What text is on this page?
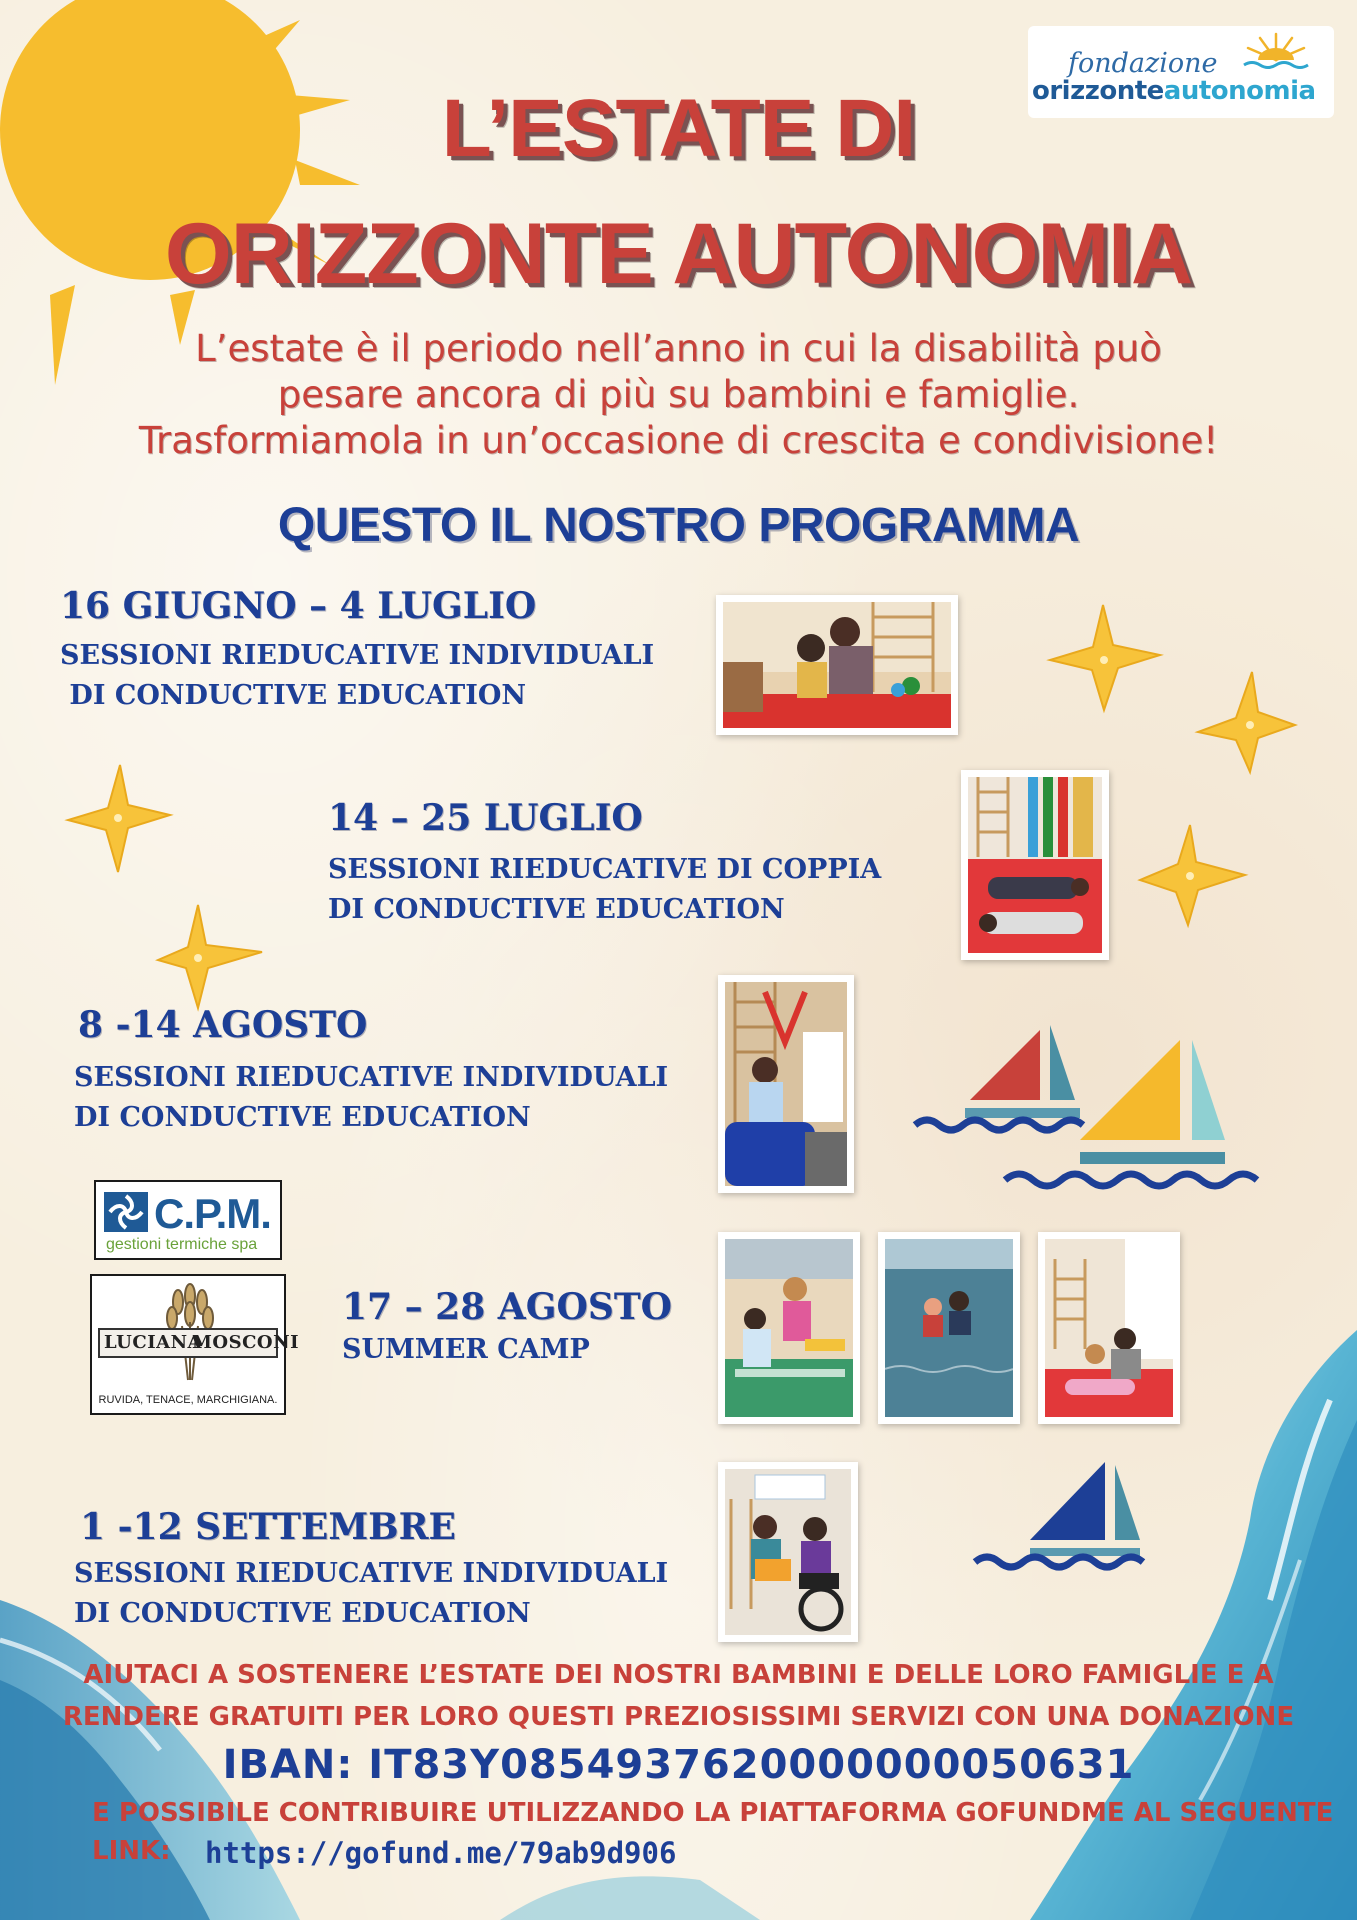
fondazione
orizzonteautonomia
L’ESTATE DI
ORIZZONTE AUTONOMIA
L’estate è il periodo nell’anno in cui la disabilità può
pesare ancora di più su bambini e famiglie.
Trasformiamola in un’occasione di crescita e condivisione!
QUESTO IL NOSTRO PROGRAMMA
16 GIUGNO – 4 LUGLIO
SESSIONI RIEDUCATIVE INDIVIDUALI
DI CONDUCTIVE EDUCATION
14 – 25 LUGLIO
SESSIONI RIEDUCATIVE DI COPPIA
DI CONDUCTIVE EDUCATION
8 -14 AGOSTO
SESSIONI RIEDUCATIVE INDIVIDUALI
DI CONDUCTIVE EDUCATION
C.P.M.
gestioni termiche spa
LUCIANA
MOSCONI
RUVIDA, TENACE, MARCHIGIANA.
17 – 28 AGOSTO
SUMMER CAMP
1 -12 SETTEMBRE
SESSIONI RIEDUCATIVE INDIVIDUALI
DI CONDUCTIVE EDUCATION
AIUTACI A SOSTENERE L’ESTATE DEI NOSTRI BAMBINI E DELLE LORO FAMIGLIE E A
RENDERE GRATUITI PER LORO QUESTI PREZIOSISSIMI SERVIZI CON UNA DONAZIONE
IBAN: IT83Y0854937620000000050631
E POSSIBILE CONTRIBUIRE UTILIZZANDO LA PIATTAFORMA GOFUNDME AL SEGUENTE
LINK: https://gofund.me/79ab9d906
